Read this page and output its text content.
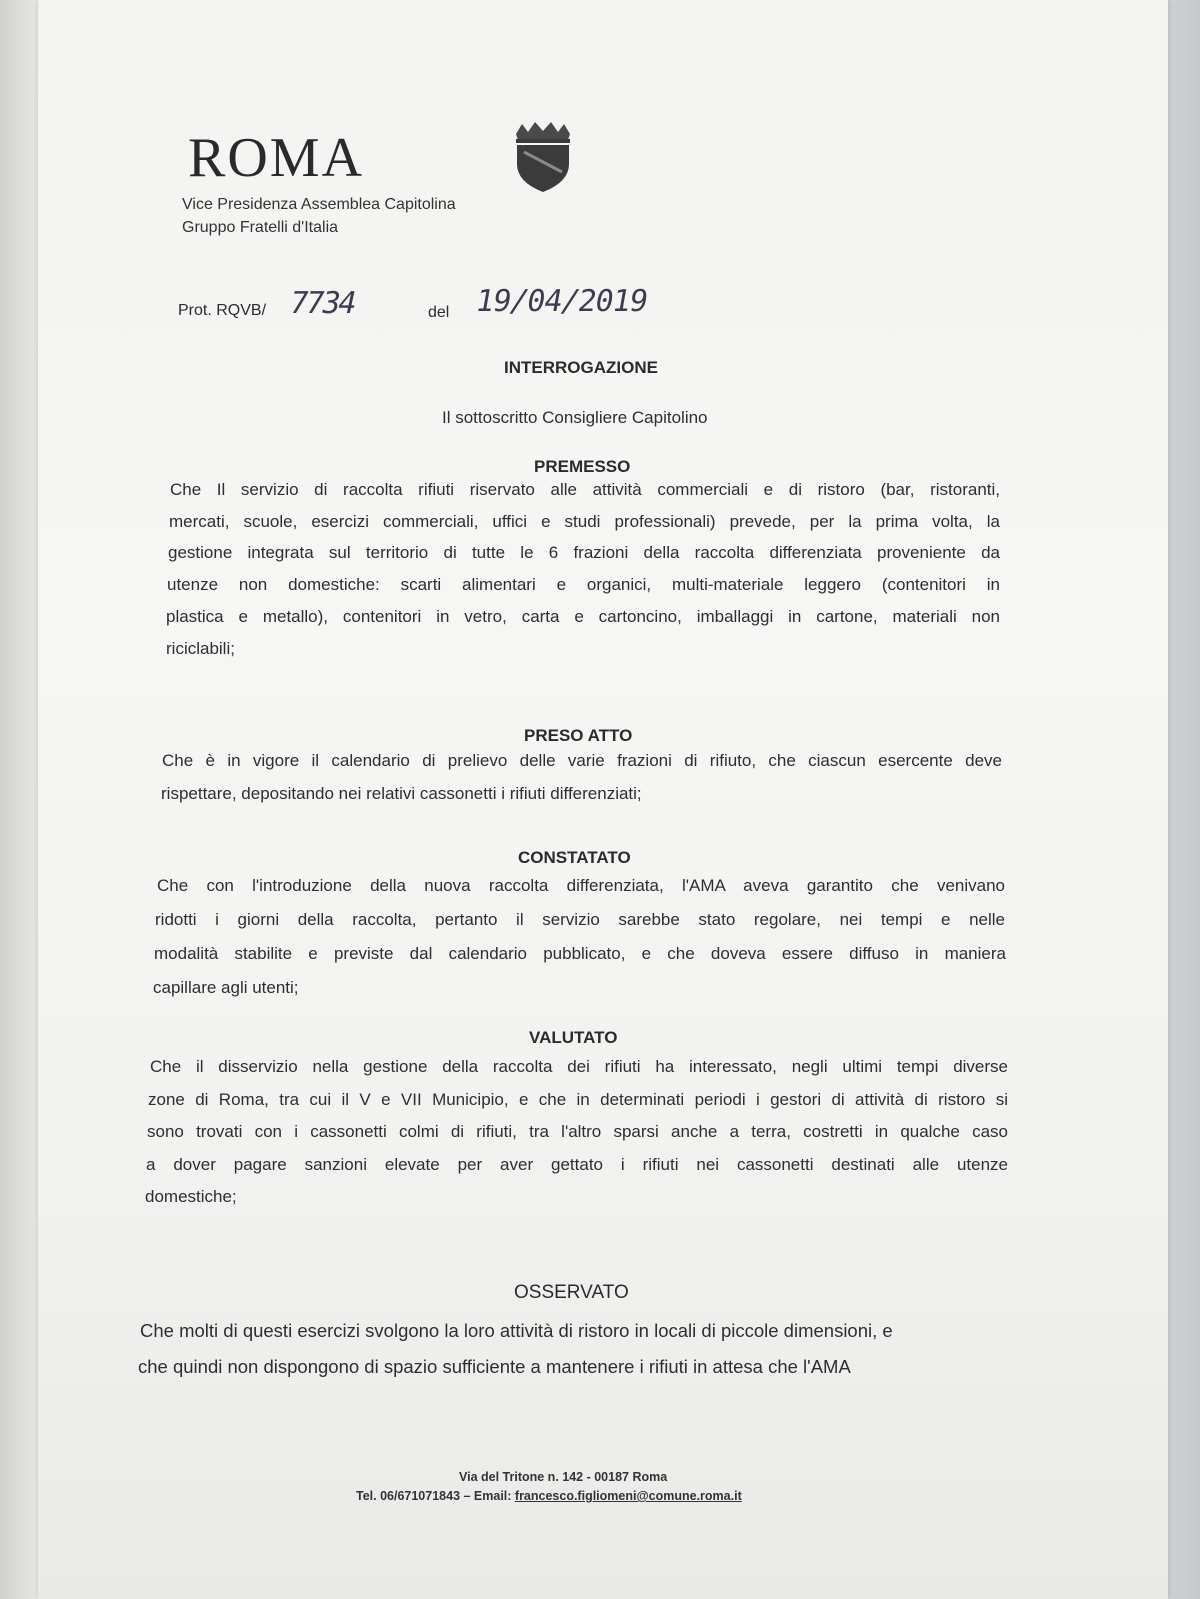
ROMA
Vice Presidenza Assemblea Capitolina
Gruppo Fratelli d'Italia
Prot. RQVB/ 7734	del 19/04/2019
INTERROGAZIONE
Il sottoscritto Consigliere Capitolino
PREMESSO
Che Il servizio di raccolta rifiuti riservato alle attività commerciali e di ristoro (bar, ristoranti,
mercati, scuole, esercizi commerciali, uffici e studi professionali) prevede, per la prima volta, la
gestione integrata sul territorio di tutte le 6 frazioni della raccolta differenziata proveniente da
utenze non domestiche: scarti alimentari e organici, multi-materiale leggero (contenitori in
plastica e metallo), contenitori in vetro, carta e cartoncino, imballaggi in cartone, materiali non
riciclabili;
PRESO ATTO
Che è in vigore il calendario di prelievo delle varie frazioni di rifiuto, che ciascun esercente deve
rispettare, depositando nei relativi cassonetti i rifiuti differenziati;
CONSTATATO
Che con l'introduzione della nuova raccolta differenziata, l'AMA aveva garantito che venivano
ridotti i giorni della raccolta, pertanto il servizio sarebbe stato regolare, nei tempi e nelle
modalità stabilite e previste dal calendario pubblicato, e che doveva essere diffuso in maniera
capillare agli utenti;
VALUTATO
Che il disservizio nella gestione della raccolta dei rifiuti ha interessato, negli ultimi tempi diverse
zone di Roma, tra cui il V e VII Municipio, e che in determinati periodi i gestori di attività di ristoro si
sono trovati con i cassonetti colmi di rifiuti, tra l'altro sparsi anche a terra, costretti in qualche caso
a dover pagare sanzioni elevate per aver gettato i rifiuti nei cassonetti destinati alle utenze
domestiche;
OSSERVATO
Che molti di questi esercizi svolgono la loro attività di ristoro in locali di piccole dimensioni, e
che quindi non dispongono di spazio sufficiente a mantenere i rifiuti in attesa che l'AMA
Via del Tritone n. 142 - 00187 Roma
Tel. 06/671071843 – Email: francesco.figliomeni@comune.roma.it
